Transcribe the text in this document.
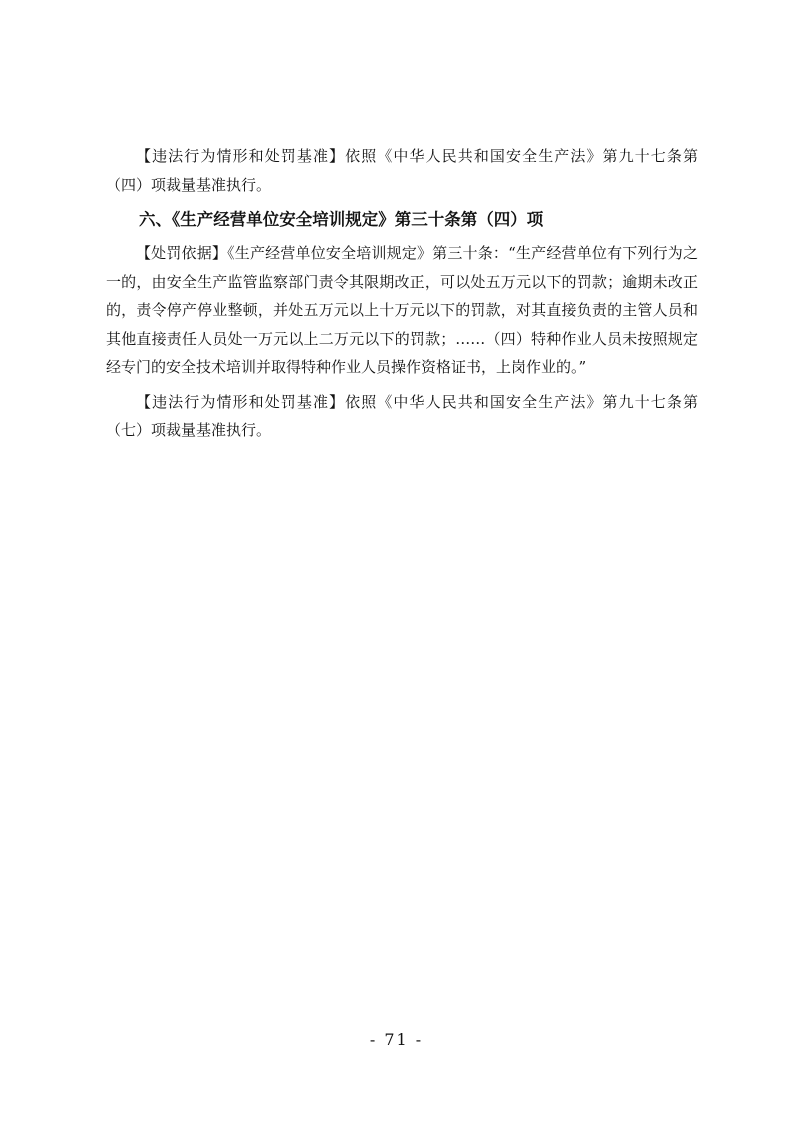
【违法行为情形和处罚基准】依照《中华人民共和国安全生产法》第九十七条第（四）项裁量基准执行。

六、《生产经营单位安全培训规定》第三十条第（四）项

【处罚依据】《生产经营单位安全培训规定》第三十条：“生产经营单位有下列行为之一的，由安全生产监管监察部门责令其限期改正，可以处五万元以下的罚款；逾期未改正的，责令停产停业整顿，并处五万元以上十万元以下的罚款，对其直接负责的主管人员和其他直接责任人员处一万元以上二万元以下的罚款；……（四）特种作业人员未按照规定经专门的安全技术培训并取得特种作业人员操作资格证书，上岗作业的。”

【违法行为情形和处罚基准】依照《中华人民共和国安全生产法》第九十七条第（七）项裁量基准执行。

- 71 -
